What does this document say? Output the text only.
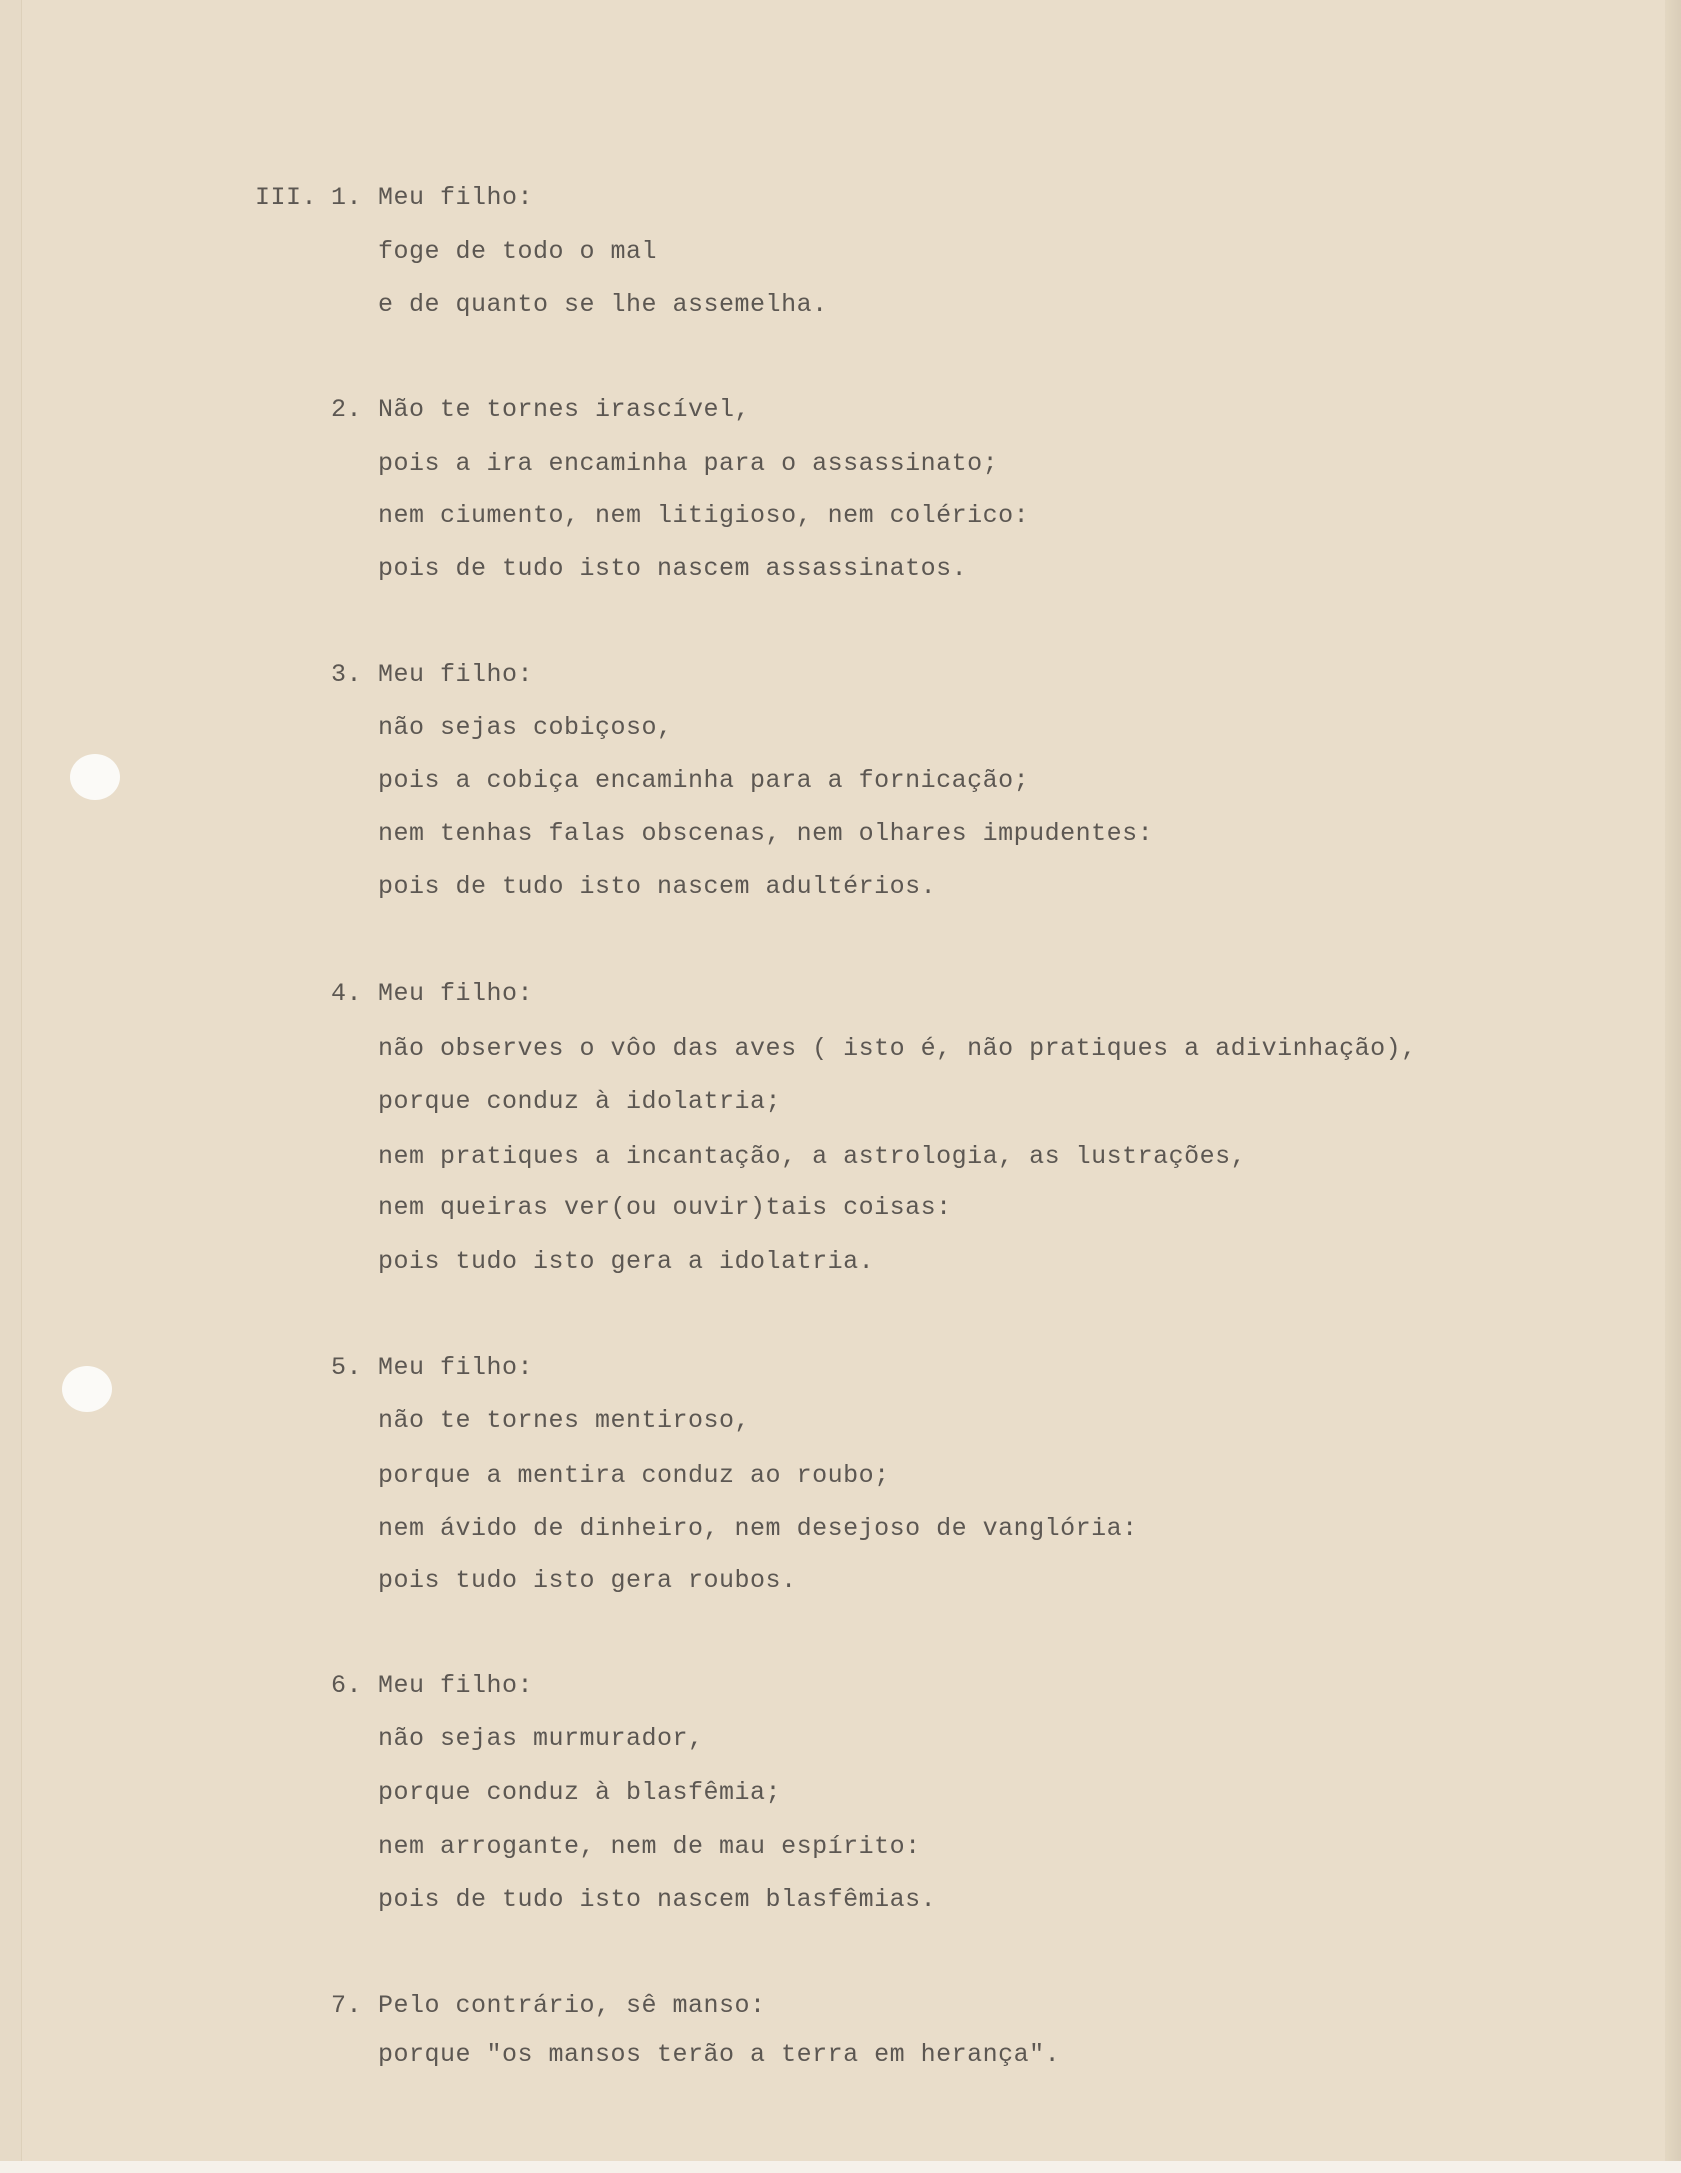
III. 1. Meu filho:

foge de todo o mal

e de quanto se lhe assemelha.

2. Não te tornes irascível,

pois a ira encaminha para o assassinato;

nem ciumento, nem litigioso, nem colérico:

pois de tudo isto nascem assassinatos.

3. Meu filho:

não sejas cobiçoso,

pois a cobiça encaminha para a fornicação;

nem tenhas falas obscenas, nem olhares impudentes:

pois de tudo isto nascem adultérios.

4. Meu filho:

não observes o vôo das aves ( isto é, não pratiques a adivinhação),

porque conduz à idolatria;

nem pratiques a incantação, a astrologia, as lustrações,

nem queiras ver(ou ouvir)tais coisas:

pois tudo isto gera a idolatria.

5. Meu filho:

não te tornes mentiroso,

porque a mentira conduz ao roubo;

nem ávido de dinheiro, nem desejoso de vanglória:

pois tudo isto gera roubos.

6. Meu filho:

não sejas murmurador,

porque conduz à blasfêmia;

nem arrogante, nem de mau espírito:

pois de tudo isto nascem blasfêmias.

7. Pelo contrário, sê manso:

porque "os mansos terão a terra em herança".
